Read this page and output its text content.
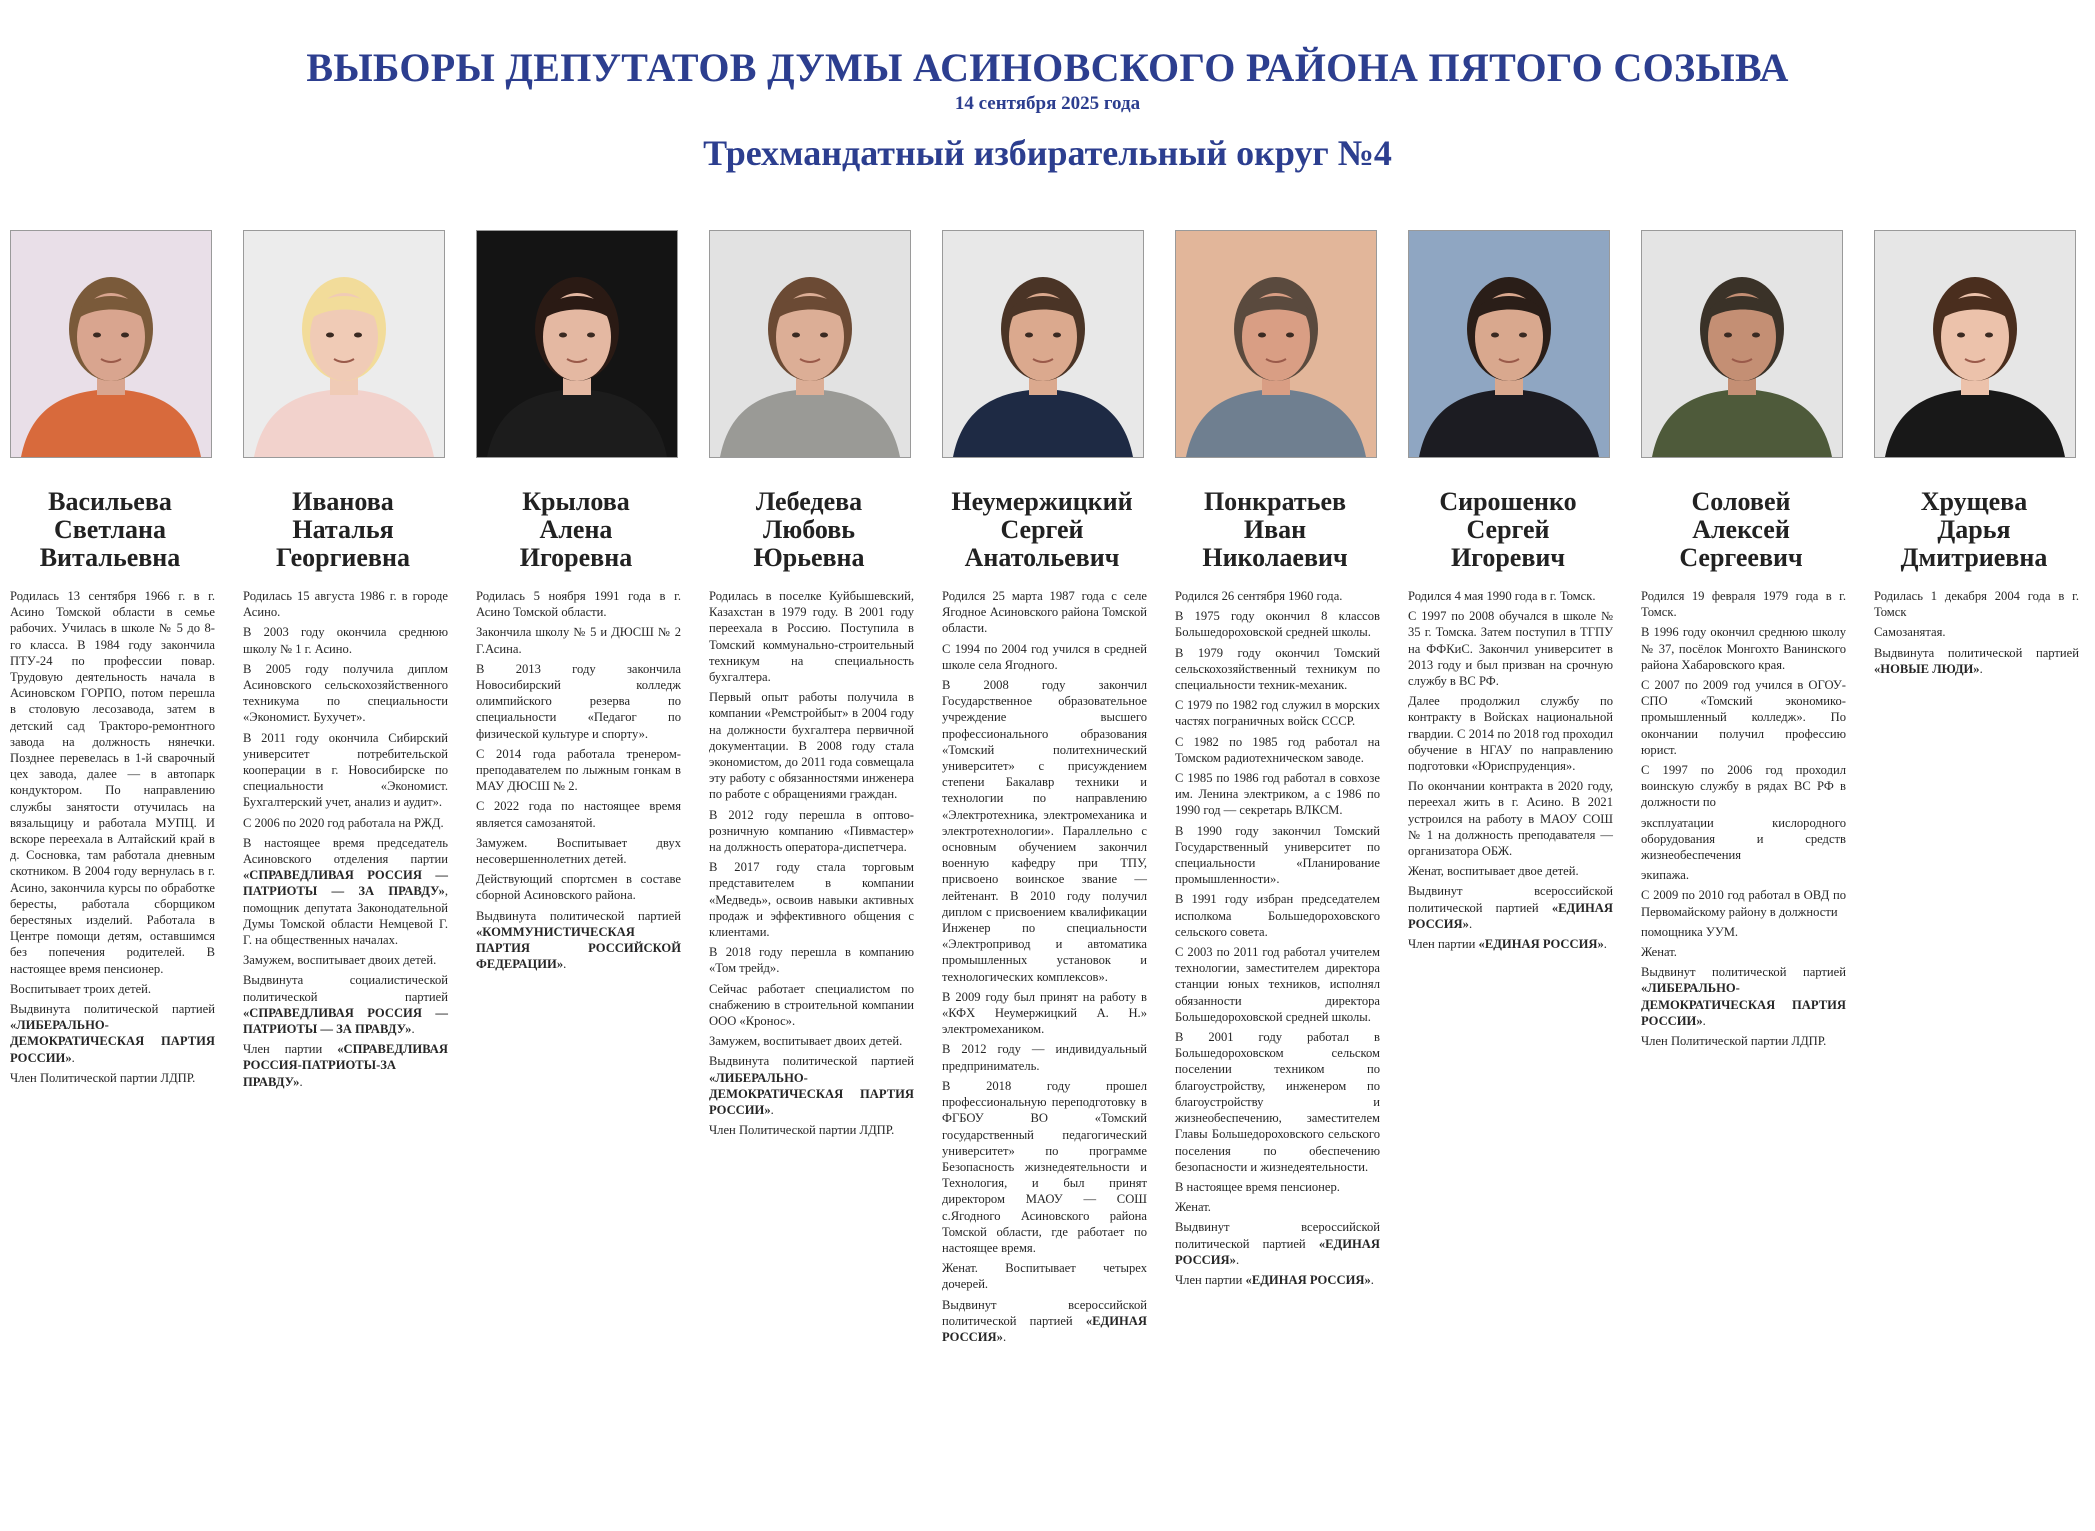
ВЫБОРЫ ДЕПУТАТОВ ДУМЫ АСИНОВСКОГО РАЙОНА ПЯТОГО СОЗЫВА
14 сентября 2025 года
Трехмандатный избирательный округ №4
Васильева
Светлана
Витальевна

Родилась 13 сентября 1966 г. в г. Асино Томской области в семье рабочих. Училась в школе № 5 до 8-го класса. В 1984 году закончила ПТУ-24 по профессии повар. Трудовую деятельность начала в Асиновском ГОРПО, потом перешла в столовую лесозавода, затем в детский сад Тракторо-ремонтного завода на должность нянечки. Позднее перевелась в 1-й сварочный цех завода, далее — в автопарк кондуктором. По направлению службы занятости отучилась на вязальщицу и работала МУПЦ. И вскоре переехала в Алтайский край в д. Сосновка, там работала дневным скотником. В 2004 году вернулась в г. Асино, закончила курсы по обработке бересты, работала сборщиком берестяных изделий. Работала в Центре помощи детям, оставшимся без попечения родителей. В настоящее время пенсионер.

Воспитывает троих детей.

Выдвинута политической партией «ЛИБЕРАЛЬНО-ДЕМОКРАТИЧЕСКАЯ ПАРТИЯ РОССИИ».

Член Политической партии ЛДПР.

Иванова
Наталья
Георгиевна

Родилась 15 августа 1986 г. в городе Асино.

В 2003 году окончила среднюю школу № 1 г. Асино.

В 2005 году получила диплом Асиновского сельскохозяйственного техникума по специальности «Экономист. Бухучет».

В 2011 году окончила Сибирский университет потребительской кооперации в г. Новосибирске по специальности «Экономист. Бухгалтерский учет, анализ и аудит».

С 2006 по 2020 год работала на РЖД.

В настоящее время председатель Асиновского отделения партии «СПРАВЕДЛИВАЯ РОССИЯ — ПАТРИОТЫ — ЗА ПРАВДУ», помощник депутата Законодательной Думы Томской области Немцевой Г. Г. на общественных началах.

Замужем, воспитывает двоих детей.

Выдвинута социалистической политической партией «СПРАВЕДЛИВАЯ РОССИЯ — ПАТРИОТЫ — ЗА ПРАВДУ».

Член партии «СПРАВЕДЛИВАЯ РОССИЯ-ПАТРИОТЫ-ЗА ПРАВДУ».

Крылова
Алена
Игоревна

Родилась 5 ноября 1991 года в г. Асино Томской области.

Закончила школу № 5 и ДЮСШ № 2 Г.Асина.

В 2013 году закончила Новосибирский колледж олимпийского резерва по специальности «Педагог по физической культуре и спорту».

С 2014 года работала тренером-преподавателем по лыжным гонкам в МАУ ДЮСШ № 2.

С 2022 года по настоящее время является самозанятой.

Замужем. Воспитывает двух несовершеннолетних детей.

Действующий спортсмен в составе сборной Асиновского района.

Выдвинута политической партией «КОММУНИСТИЧЕСКАЯ ПАРТИЯ РОССИЙСКОЙ ФЕДЕРАЦИИ».

Лебедева
Любовь
Юрьевна

Родилась в поселке Куйбышевский, Казахстан в 1979 году. В 2001 году переехала в Россию. Поступила в Томский коммунально-строительный техникум на специальность бухгалтера.

Первый опыт работы получила в компании «Ремстройбыт» в 2004 году на должности бухгалтера первичной документации. В 2008 году стала экономистом, до 2011 года совмещала эту работу с обязанностями инженера по работе с обращениями граждан.

В 2012 году перешла в оптово-розничную компанию «Пивмастер» на должность оператора-диспетчера.

В 2017 году стала торговым представителем в компании «Медведь», освоив навыки активных продаж и эффективного общения с клиентами.

В 2018 году перешла в компанию «Том трейд».

Сейчас работает специалистом по снабжению в строительной компании ООО «Кронос».

Замужем, воспитывает двоих детей.

Выдвинута политической партией «ЛИБЕРАЛЬНО-ДЕМОКРАТИЧЕСКАЯ ПАРТИЯ РОССИИ».

Член Политической партии ЛДПР.

Неумержицкий
Сергей
Анатольевич

Родился 25 марта 1987 года с селе Ягодное Асиновского района Томской области.

С 1994 по 2004 год учился в средней школе села Ягодного.

В 2008 году закончил Государственное образовательное учреждение высшего профессионального образования «Томский политехнический университет» с присуждением степени Бакалавр техники и технологии по направлению «Электротехника, электромеханика и электротехнологии». Параллельно с основным обучением закончил военную кафедру при ТПУ, присвоено воинское звание — лейтенант. В 2010 году получил диплом с присвоением квалификации Инженер по специальности «Электропривод и автоматика промышленных установок и технологических комплексов».

В 2009 году был принят на работу в «КФХ Неумержицкий А. Н.» электромехаником.

В 2012 году — индивидуальный предприниматель.

В 2018 году прошел профессиональную переподготовку в ФГБОУ ВО «Томский государственный педагогический университет» по программе Безопасность жизнедеятельности и Технология, и был принят директором МАОУ — СОШ с.Ягодного Асиновского района Томской области, где работает по настоящее время.

Женат. Воспитывает четырех дочерей.

Выдвинут всероссийской политической партией «ЕДИНАЯ РОССИЯ».

Понкратьев
Иван
Николаевич

Родился 26 сентября 1960 года.

В 1975 году окончил 8 классов Большедороховской средней школы.

В 1979 году окончил Томский сельскохозяйственный техникум по специальности техник-механик.

С 1979 по 1982 год служил в морских частях пограничных войск СССР.

С 1982 по 1985 год работал на Томском радиотехническом заводе.

С 1985 по 1986 год работал в совхозе им. Ленина электриком, а с 1986 по 1990 год — секретарь ВЛКСМ.

В 1990 году закончил Томский Государственный университет по специальности «Планирование промышленности».

В 1991 году избран председателем исполкома Большедороховского сельского совета.

С 2003 по 2011 год работал учителем технологии, заместителем директора станции юных техников, исполнял обязанности директора Большедороховской средней школы.

В 2001 году работал в Большедороховском сельском поселении техником по благоустройству, инженером по благоустройству и жизнеобеспечению, заместителем Главы Большедороховского сельского поселения по обеспечению безопасности и жизнедеятельности.

В настоящее время пенсионер.

Женат.

Выдвинут всероссийской политической партией «ЕДИНАЯ РОССИЯ».

Член партии «ЕДИНАЯ РОССИЯ».

Сирошенко
Сергей
Игоревич

Родился 4 мая 1990 года в г. Томск.

С 1997 по 2008 обучался в школе № 35 г. Томска. Затем поступил в ТГПУ на ФФКиС. Закончил университет в 2013 году и был призван на срочную службу в ВС РФ.

Далее продолжил службу по контракту в Войсках национальной гвардии. С 2014 по 2018 год проходил обучение в НГАУ по направлению подготовки «Юриспруденция».

По окончании контракта в 2020 году, переехал жить в г. Асино. В 2021 устроился на работу в МАОУ СОШ № 1 на должность преподавателя — организатора ОБЖ.

Женат, воспитывает двое детей.

Выдвинут всероссийской политической партией «ЕДИНАЯ РОССИЯ».

Член партии «ЕДИНАЯ РОССИЯ».

Соловей
Алексей
Сергеевич

Родился 19 февраля 1979 года в г. Томск.

В 1996 году окончил среднюю школу № 37, посёлок Монгохто Ванинского района Хабаровского края.

С 2007 по 2009 год учился в ОГОУ-СПО «Томский экономико-промышленный колледж». По окончании получил профессию юрист.

С 1997 по 2006 год проходил воинскую службу в рядах ВС РФ в должности по

эксплуатации кислородного оборудования и средств жизнеобеспечения

экипажа.

С 2009 по 2010 год работал в ОВД по Первомайскому району в должности

помощника УУМ.

Женат.

Выдвинут политической партией «ЛИБЕРАЛЬНО-ДЕМОКРАТИЧЕСКАЯ ПАРТИЯ РОССИИ».

Член Политической партии ЛДПР.

Хрущева
Дарья
Дмитриевна

Родилась 1 декабря 2004 года в г. Томск

Самозанятая.

Выдвинута политической партией «НОВЫЕ ЛЮДИ».
